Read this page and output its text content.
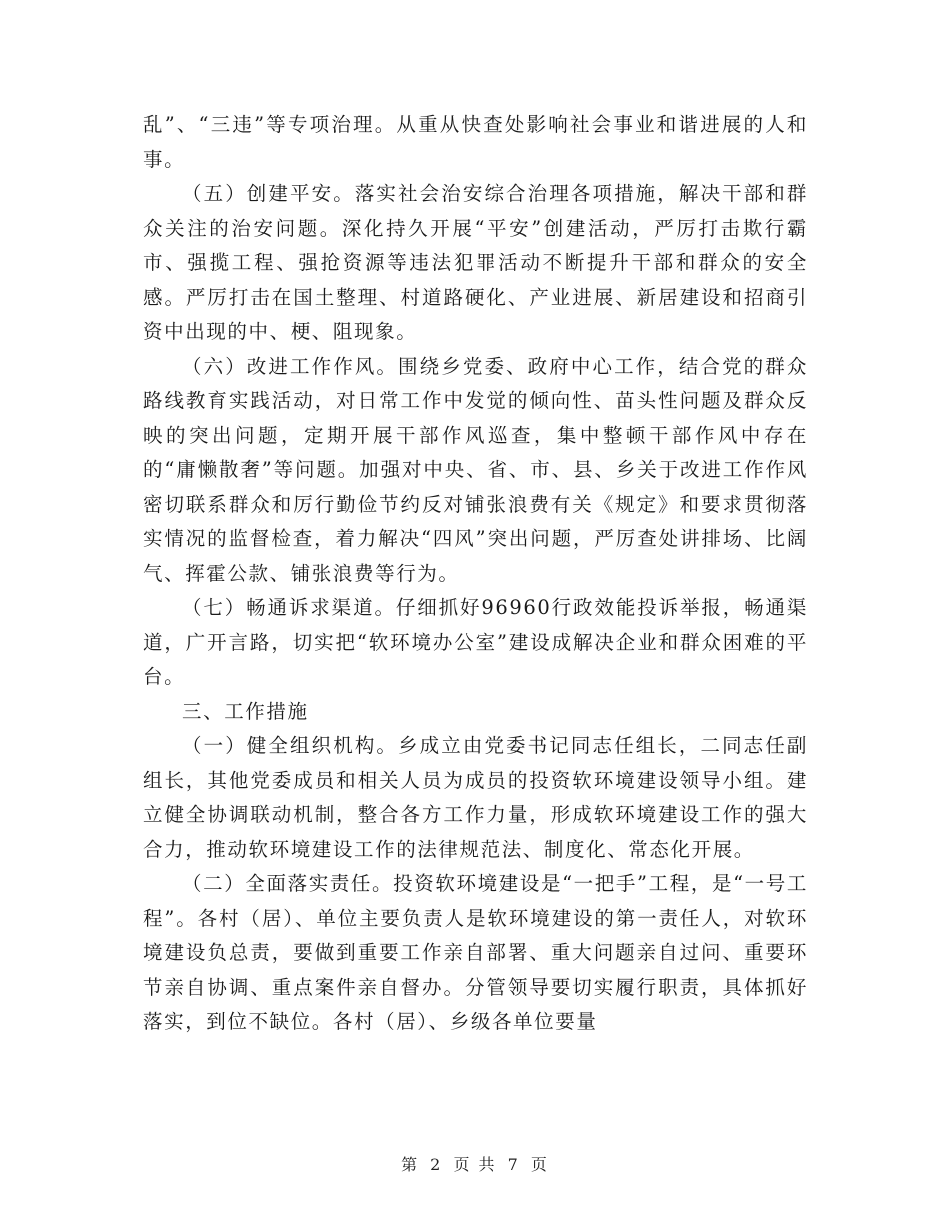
乱”、“三违”等专项治理。从重从快查处影响社会事业和谐进展的人和事。

（五）创建平安。落实社会治安综合治理各项措施，解决干部和群众关注的治安问题。深化持久开展“平安”创建活动，严厉打击欺行霸市、强揽工程、强抢资源等违法犯罪活动不断提升干部和群众的安全感。严厉打击在国土整理、村道路硬化、产业进展、新居建设和招商引资中出现的中、梗、阻现象。

（六）改进工作作风。围绕乡党委、政府中心工作，结合党的群众路线教育实践活动，对日常工作中发觉的倾向性、苗头性问题及群众反映的突出问题，定期开展干部作风巡查，集中整顿干部作风中存在的“庸懒散奢”等问题。加强对中央、省、市、县、乡关于改进工作作风密切联系群众和厉行勤俭节约反对铺张浪费有关《规定》和要求贯彻落实情况的监督检查，着力解决“四风”突出问题，严厉查处讲排场、比阔气、挥霍公款、铺张浪费等行为。

（七）畅通诉求渠道。仔细抓好96960行政效能投诉举报，畅通渠道，广开言路，切实把“软环境办公室”建设成解决企业和群众困难的平台。

三、工作措施

（一）健全组织机构。乡成立由党委书记同志任组长，二同志任副组长，其他党委成员和相关人员为成员的投资软环境建设领导小组。建立健全协调联动机制，整合各方工作力量，形成软环境建设工作的强大合力，推动软环境建设工作的法律规范法、制度化、常态化开展。

（二）全面落实责任。投资软环境建设是“一把手”工程，是“一号工程”。各村（居）、单位主要负责人是软环境建设的第一责任人，对软环境建设负总责，要做到重要工作亲自部署、重大问题亲自过问、重要环节亲自协调、重点案件亲自督办。分管领导要切实履行职责，具体抓好落实，到位不缺位。各村（居）、乡级各单位要量

第 2 页 共 7 页
